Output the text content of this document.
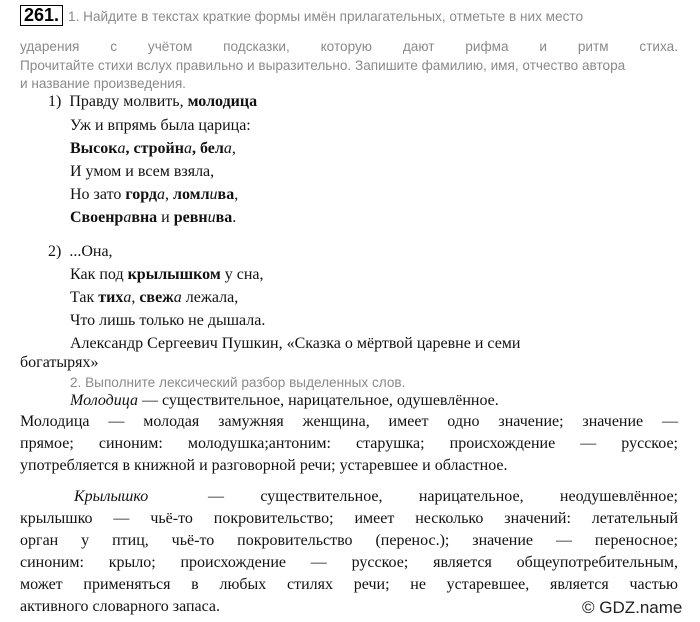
261. 1. Найдите в текстах краткие формы имён прилагательных, отметьте в них место
ударения с учётом подсказки, которую дают рифма и ритм стиха.
Прочитайте стихи вслух правильно и выразительно. Запишите фамилию, имя, отчество автора
и название произведения.
1) Правду молвить, молодица
Уж и впрямь была царица:
Высока, стройна, бела,
И умом и всем взяла,
Но зато горда, ломлива,
Своенравна и ревнива.
2) ...Она,
Как под крылышком у сна,
Так тиха, свежа лежала,
Что лишь только не дышала.
Александр Сергеевич Пушкин, «Сказка о мёртвой царевне и семи
богатырях»
2. Выполните лексический разбор выделенных слов.
Молодица — существительное, нарицательное, одушевлённое.
Молодица — молодая замужняя женщина, имеет одно значение; значение —
прямое; синоним: молодушка;антоним: старушка; происхождение — русское;
употребляется в книжной и разговорной речи; устаревшее и областное.
Крылышко	— существительное, нарицательное, неодушевлённое;
крылышко — чьё-то покровительство; имеет несколько значений: летательный
орган у птиц, чьё-то покровительство (перенос.); значение — переносное;
синоним: крыло; происхождение — русское; является общеупотребительным,
может применяться в любых стилях речи; не устаревшее, является частью
активного словарного запаса.	© GDZ.name
